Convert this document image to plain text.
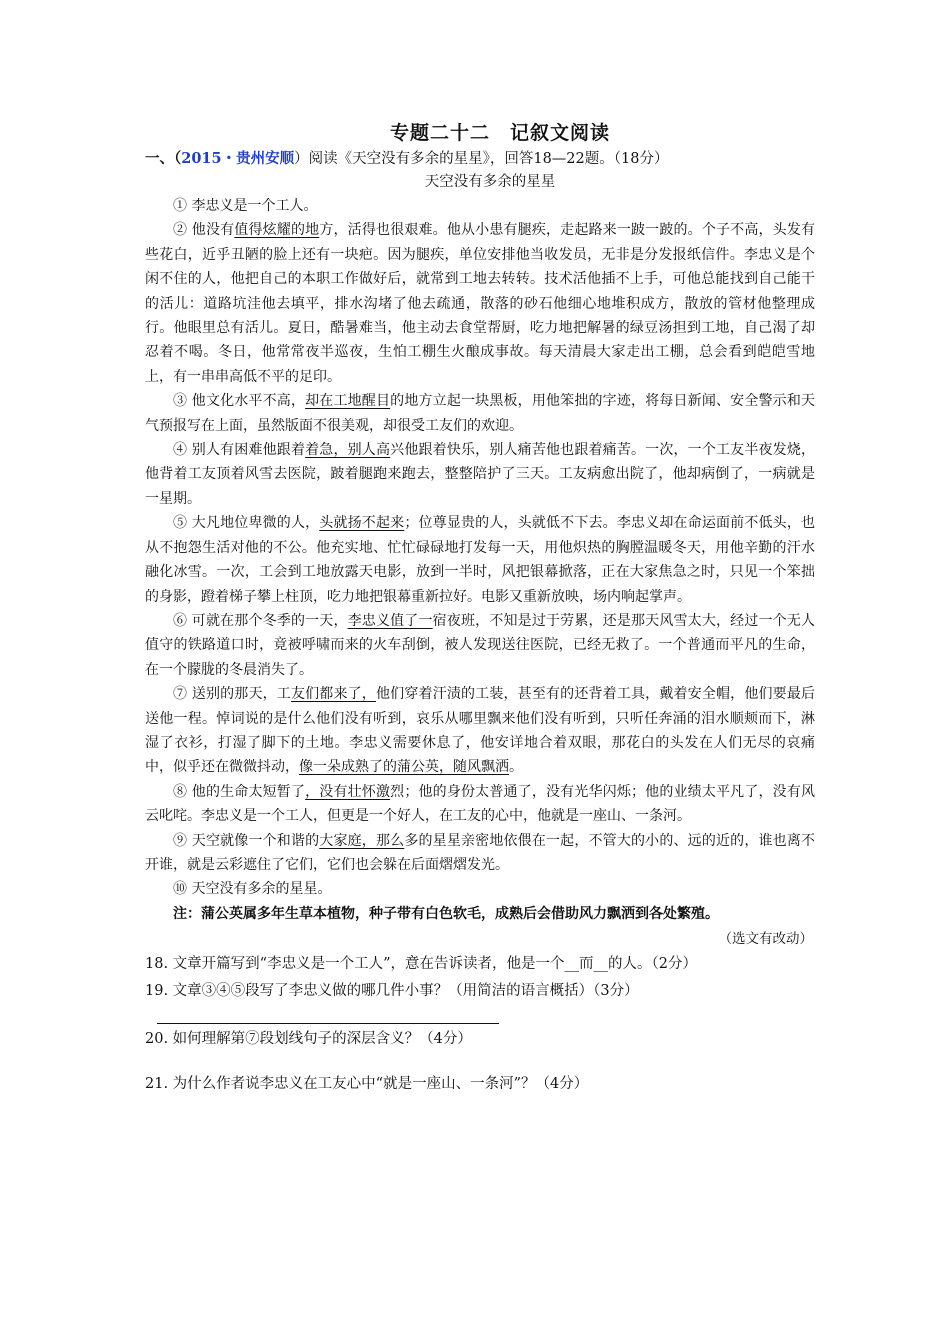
专题二十二　记叙文阅读
一、（2015・贵州安顺）阅读《天空没有多余的星星》，回答18—22题。（18分）
天空没有多余的星星

① 李忠义是一个工人。

② 他没有值得炫耀的地方，活得也很艰难。他从小患有腿疾，走起路来一跛一跛的。个子不高，头发有些花白，近乎丑陋的脸上还有一块疤。因为腿疾，单位安排他当收发员，无非是分发报纸信件。李忠义是个闲不住的人，他把自己的本职工作做好后，就常到工地去转转。技术活他插不上手，可他总能找到自己能干的活儿：道路坑洼他去填平，排水沟堵了他去疏通，散落的砂石他细心地堆积成方，散放的管材他整理成行。他眼里总有活儿。夏日，酷暑难当，他主动去食堂帮厨，吃力地把解暑的绿豆汤担到工地，自己渴了却忍着不喝。冬日，他常常夜半巡夜，生怕工棚生火酿成事故。每天清晨大家走出工棚，总会看到皑皑雪地上，有一串串高低不平的足印。

③ 他文化水平不高，却在工地醒目的地方立起一块黑板，用他笨拙的字迹，将每日新闻、安全警示和天气预报写在上面，虽然版面不很美观，却很受工友们的欢迎。

④ 别人有困难他跟着着急，别人高兴他跟着快乐，别人痛苦他也跟着痛苦。一次，一个工友半夜发烧，他背着工友顶着风雪去医院，跛着腿跑来跑去，整整陪护了三天。工友病愈出院了，他却病倒了，一病就是一星期。

⑤ 大凡地位卑微的人，头就扬不起来；位尊显贵的人，头就低不下去。李忠义却在命运面前不低头，也从不抱怨生活对他的不公。他充实地、忙忙碌碌地打发每一天，用他炽热的胸膛温暖冬天，用他辛勤的汗水融化冰雪。一次，工会到工地放露天电影，放到一半时，风把银幕掀落，正在大家焦急之时，只见一个笨拙的身影，蹬着梯子攀上柱顶，吃力地把银幕重新拉好。电影又重新放映，场内响起掌声。

⑥ 可就在那个冬季的一天，李忠义值了一宿夜班，不知是过于劳累，还是那天风雪太大，经过一个无人值守的铁路道口时，竟被呼啸而来的火车刮倒，被人发现送往医院，已经无救了。一个普通而平凡的生命，在一个朦胧的冬晨消失了。

⑦ 送别的那天，工友们都来了，他们穿着汗渍的工装，甚至有的还背着工具，戴着安全帽，他们要最后送他一程。悼词说的是什么他们没有听到，哀乐从哪里飘来他们没有听到，只听任奔涌的泪水顺颊而下，淋湿了衣衫，打湿了脚下的土地。李忠义需要休息了，他安详地合着双眼，那花白的头发在人们无尽的哀痛中，似乎还在微微抖动，像一朵成熟了的蒲公英，随风飘洒。

⑧ 他的生命太短暂了，没有壮怀激烈；他的身份太普通了，没有光华闪烁；他的业绩太平凡了，没有风云叱咤。李忠义是一个工人，但更是一个好人，在工友的心中，他就是一座山、一条河。

⑨ 天空就像一个和谐的大家庭，那么多的星星亲密地依偎在一起，不管大的小的、远的近的，谁也离不开谁，就是云彩遮住了它们，它们也会躲在后面熠熠发光。

⑩ 天空没有多余的星星。

注：蒲公英属多年生草本植物，种子带有白色软毛，成熟后会借助风力飘洒到各处繁殖。

（选文有改动）

18. 文章开篇写到“李忠义是一个工人”，意在告诉读者，他是一个__而__的人。（2分）

19. 文章③④⑤段写了李忠义做的哪几件小事？（用简洁的语言概括）（3分）

20. 如何理解第⑦段划线句子的深层含义？（4分）

21. 为什么作者说李忠义在工友心中“就是一座山、一条河”？（4分）
